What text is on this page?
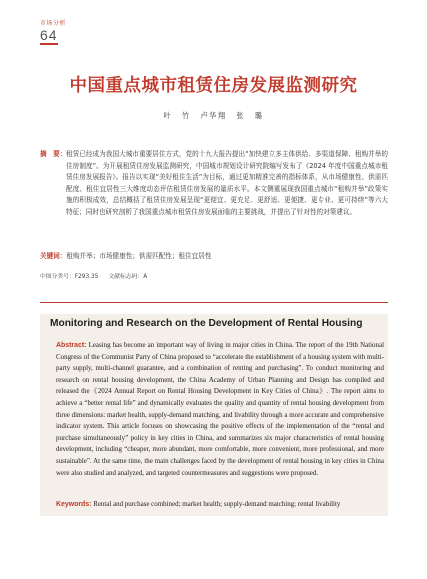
市场分析
64
中国重点城市租赁住房发展监测研究
叶 竹 卢华翔 张 璐
摘　要： 租赁已经成为我国大城市重要居住方式，党的十九大报告提出“加快建立多主体供给、多渠道保障、租购并举的住房制度”。为开展租赁住房发展监测研究，中国城市规划设计研究院编写发布了《2024 年度中国重点城市租赁住房发展报告》。报告以实现“美好租住生活”为目标，通过更加精准完善的指标体系，从市场健康性、供需匹配度、租住宜居性三大维度动态评估租赁住房发展的量质水平。本文侧重展现我国重点城市“租购并举”政策实施的积极成效，总结概括了租赁住房发展呈现“更便宜、更充足、更舒适、更便捷、更专业、更可持续”等六大特征；同时也研究剖析了我国重点城市租赁住房发展面临的主要挑战，并提出了针对性的对策建议。
关键词：租购并举；市场健康性；供需匹配性；租住宜居性
中图分类号：F293.35 文献标志码：A
Monitoring and Research on the Development of Rental Housing
Abstract: Leasing has become an important way of living in major cities in China. The report of the 19th National Congress of the Communist Party of China proposed to “accelerate the establishment of a housing system with multi-party supply, multi-channel guarantee, and a combination of renting and purchasing”. To conduct monitoring and research on rental housing development, the China Academy of Urban Planning and Design has compiled and released the《2024 Annual Report on Rental Housing Development in Key Cities of China》. The report aims to achieve a “better rental life” and dynamically evaluates the quality and quantity of rental housing development from three dimensions: market health, supply-demand matching, and livability through a more accurate and comprehensive indicator system. This article focuses on showcasing the positive effects of the implementation of the “rental and purchase simultaneously” policy in key cities in China, and summarizes six major characteristics of rental housing development, including “cheaper, more abundant, more comfortable, more convenient, more professional, and more sustainable”. At the same time, the main challenges faced by the development of rental housing in key cities in China were also studied and analyzed, and targeted countermeasures and suggestions were proposed.
Keywords: Rental and purchase combined; market health; supply-demand matching; rental livability
